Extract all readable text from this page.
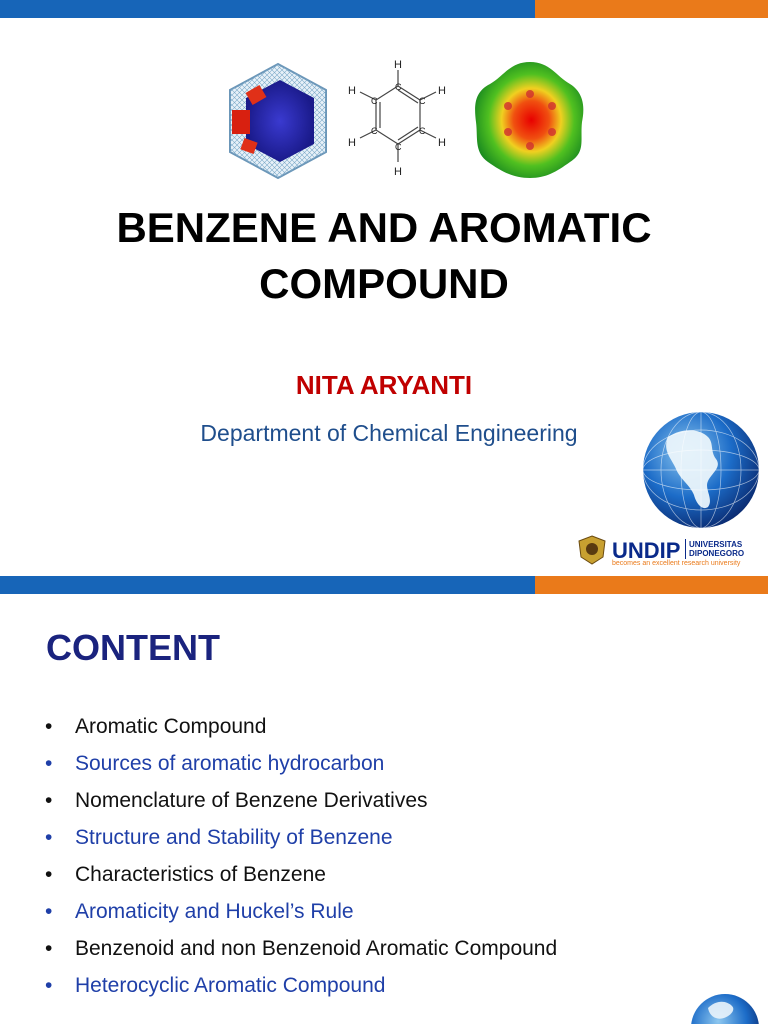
H
H
H
H
H
H
C
C
C
C
C
C
BENZENE AND AROMATIC
COMPOUND
NITA ARYANTI
Department of Chemical Engineering
UNDIP UNIVERSITAS
DIPONEGORO
becomes an excellent research university
CONTENT
• Aromatic Compound
• Sources of aromatic hydrocarbon
• Nomenclature of Benzene Derivatives
• Structure and Stability of Benzene
• Characteristics of Benzene
• Aromaticity and Huckel’s Rule
• Benzenoid and non Benzenoid Aromatic Compound
• Heterocyclic Aromatic Compound
